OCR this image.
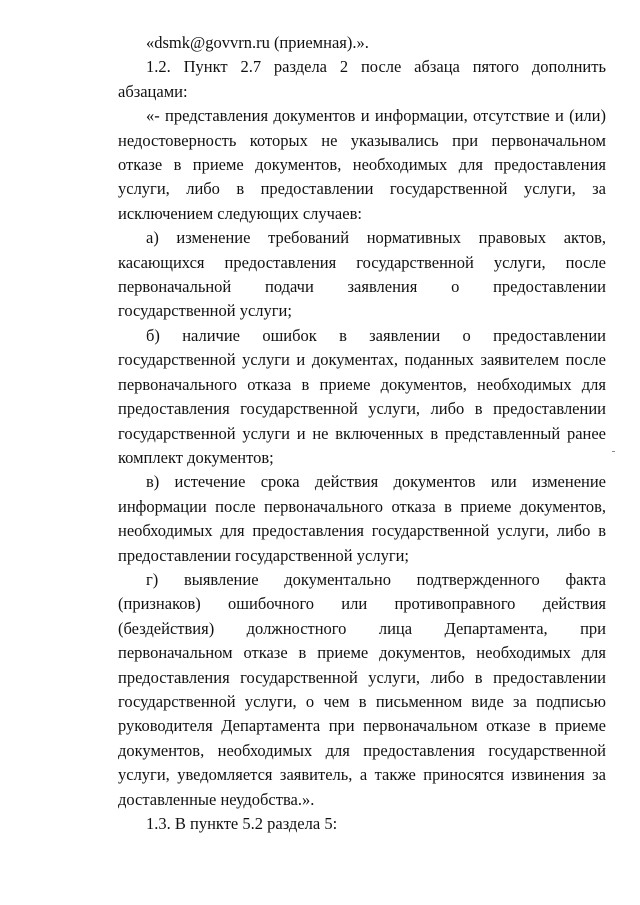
«dsmk@govvrn.ru (приемная).».

1.2. Пункт 2.7 раздела 2 после абзаца пятого дополнить абзацами:

«- представления документов и информации, отсутствие и (или) недостоверность которых не указывались при первоначальном отказе в приеме документов, необходимых для предоставления услуги, либо в предоставлении государственной услуги, за исключением следующих случаев:

а) изменение требований нормативных правовых актов, касающихся предоставления государственной услуги, после первоначальной подачи заявления о предоставлении государственной услуги;

б) наличие ошибок в заявлении о предоставлении государственной услуги и документах, поданных заявителем после первоначального отказа в приеме документов, необходимых для предоставления государственной услуги, либо в предоставлении государственной услуги и не включенных в представленный ранее комплект документов;

в) истечение срока действия документов или изменение информации после первоначального отказа в приеме документов, необходимых для предоставления государственной услуги, либо в предоставлении государственной услуги;

г) выявление документально подтвержденного факта (признаков) ошибочного или противоправного действия (бездействия) должностного лица Департамента, при первоначальном отказе в приеме документов, необходимых для предоставления государственной услуги, либо в предоставлении государственной услуги, о чем в письменном виде за подписью руководителя Департамента при первоначальном отказе в приеме документов, необходимых для предоставления государственной услуги, уведомляется заявитель, а также приносятся извинения за доставленные неудобства.».

1.3. В пункте 5.2 раздела 5:
